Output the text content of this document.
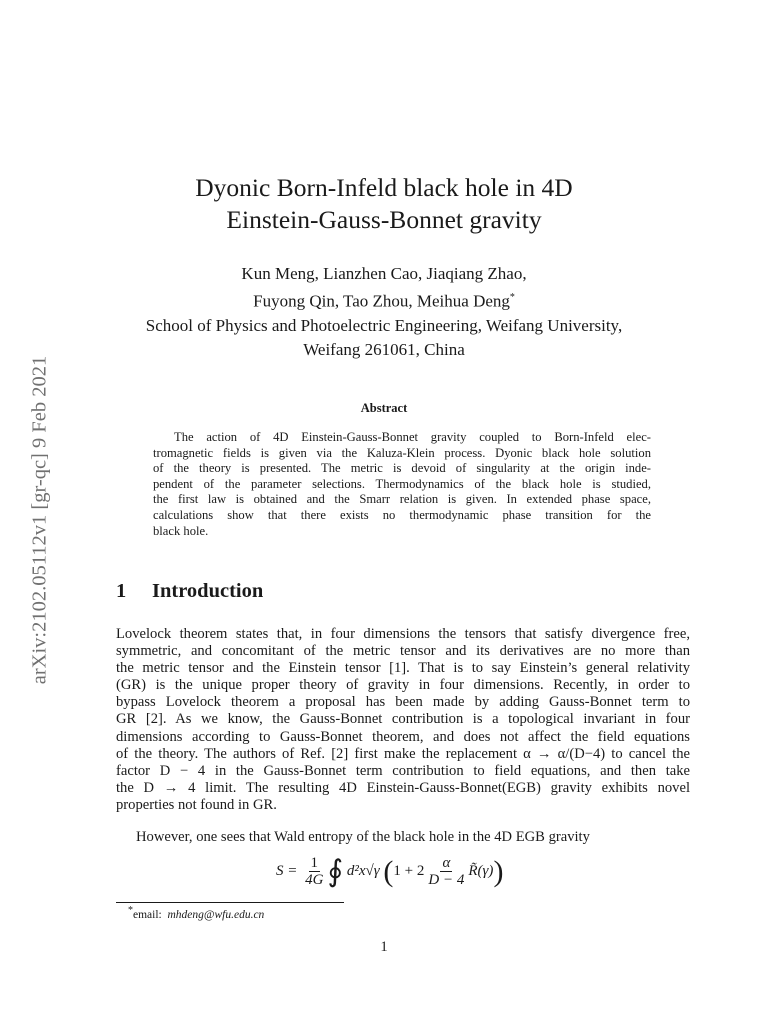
arXiv:2102.05112v1 [gr-qc] 9 Feb 2021
Dyonic Born-Infeld black hole in 4D
Einstein-Gauss-Bonnet gravity
Kun Meng, Lianzhen Cao, Jiaqiang Zhao,
Fuyong Qin, Tao Zhou, Meihua Deng*
School of Physics and Photoelectric Engineering, Weifang University,
Weifang 261061, China
Abstract
The action of 4D Einstein-Gauss-Bonnet gravity coupled to Born-Infeld elec-
tromagnetic fields is given via the Kaluza-Klein process. Dyonic black hole solution
of the theory is presented. The metric is devoid of singularity at the origin inde-
pendent of the parameter selections. Thermodynamics of the black hole is studied,
the first law is obtained and the Smarr relation is given. In extended phase space,
calculations show that there exists no thermodynamic phase transition for the
black hole.
1 Introduction
Lovelock theorem states that, in four dimensions the tensors that satisfy divergence free,
symmetric, and concomitant of the metric tensor and its derivatives are no more than
the metric tensor and the Einstein tensor [1]. That is to say Einstein’s general relativity
(GR) is the unique proper theory of gravity in four dimensions. Recently, in order to
bypass Lovelock theorem a proposal has been made by adding Gauss-Bonnet term to
GR [2]. As we know, the Gauss-Bonnet contribution is a topological invariant in four
dimensions according to Gauss-Bonnet theorem, and does not affect the field equations
of the theory. The authors of Ref. [2] first make the replacement α → α/(D−4) to cancel the
factor D − 4 in the Gauss-Bonnet term contribution to field equations, and then take
the D → 4 limit. The resulting 4D Einstein-Gauss-Bonnet(EGB) gravity exhibits novel
properties not found in GR.
However, one sees that Wald entropy of the black hole in the 4D EGB gravity
S =
$\frac{1}{4G}$ ∮
d²x√γ
( $1 + 2 \frac{\alpha}{D - 4}$ R̃(γ) )
*email: mhdeng@wfu.edu.cn
1
